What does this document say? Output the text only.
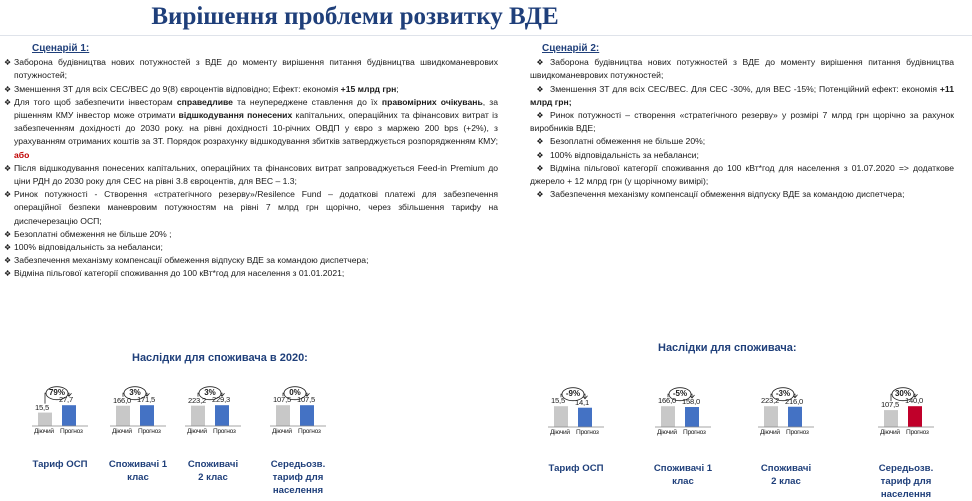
Вирішення проблеми розвитку ВДЕ
Сценарій 1:
❖ Заборона будівництва нових потужностей з ВДЕ до моменту вирішення питання будівництва швидкоманеврових потужностей;
❖ Зменшення ЗТ для всіх СЕС/ВЕС до 9(8) євроцентів відповідно; Ефект: економія +15 млрд грн;
❖ Для того щоб забезпечити інвесторам справедливе та неупереджене ставлення до їх правомірних очікувань, за рішенням КМУ інвестор може отримати відшкодування понесених капітальних, операційних та фінансових витрат із забезпеченням дохідності до 2030 року. на рівні дохідності 10-річних ОВДП у євро з маржею 200 bps (+2%), з урахуванням отриманих коштів за ЗТ. Порядок розрахунку відшкодування збитків затверджується розпорядженням КМУ; або
❖ Після відшкодування понесених капітальних, операційних та фінансових витрат запроваджується Feed-in Premium до ціни РДН до 2030 року для СЕС на рівні 3.8 євроцентів, для ВЕС – 1.3;
❖ Ринок потужності - Створення «стратегічного резерву»/Resilence Fund – додаткові платежі для забезпечення операційної безпеки маневровим потужностям на рівні 7 млрд грн щорічно, через збільшення тарифу на диспечерезацію ОСП;
❖ Безоплатні обмеження не більше 20% ;
❖ 100% відповідальність за небаланси;
❖ Забезпечення механізму компенсації обмеження відпуску ВДЕ за командою диспетчера;
❖ Відміна пільгової категорії споживання до 100 кВт*год для населення з 01.01.2021;
Сценарій 2:
❖ Заборона будівництва нових потужностей з ВДЕ до моменту вирішення питання будівництва швидкоманеврових потужностей;
❖ Зменшення ЗТ для всіх СЕС/ВЕС. Для СЕС -30%, для ВЕС -15%; Потенційний ефект: економія +11 млрд грн;
❖ Ринок потужності – створення «стратегічного резерву» у розмірі 7 млрд грн щорічно за рахунок виробників ВДЕ;
❖ Безоплатні обмеження не більше 20%;
❖ 100% відповідальність за небаланси;
❖ Відміна пільгової категорії споживання до 100 кВт*год для населення з 01.07.2020 => додаткове джерело + 12 млрд грн (у щорічному вимірі);
❖ Забезпечення механізму компенсації обмеження відпуску ВДЕ за командою диспетчера;
Наслідки для споживача в 2020:
Наслідки для споживача:
79%
15,5
27,7
Діючий Прогноз
Тариф ОСП
3%
166,0 171,5
Діючий Прогноз
Споживачі 1
клас
3%
223,2 229,3
Діючий Прогноз
Споживачі
2 клас
0%
107,5 107,5
Діючий Прогноз
Середьозв.
тариф для
населення
-9%
15,5 14,1
Діючий Прогноз
Тариф ОСП
-5%
166,0 158,0
Діючий Прогноз
Споживачі 1
клас
-3%
223,2 216,0
Діючий Прогноз
Споживачі
2 клас
30%
107,5 140,0
Діючий Прогноз
Середьозв.
тариф для
населення
